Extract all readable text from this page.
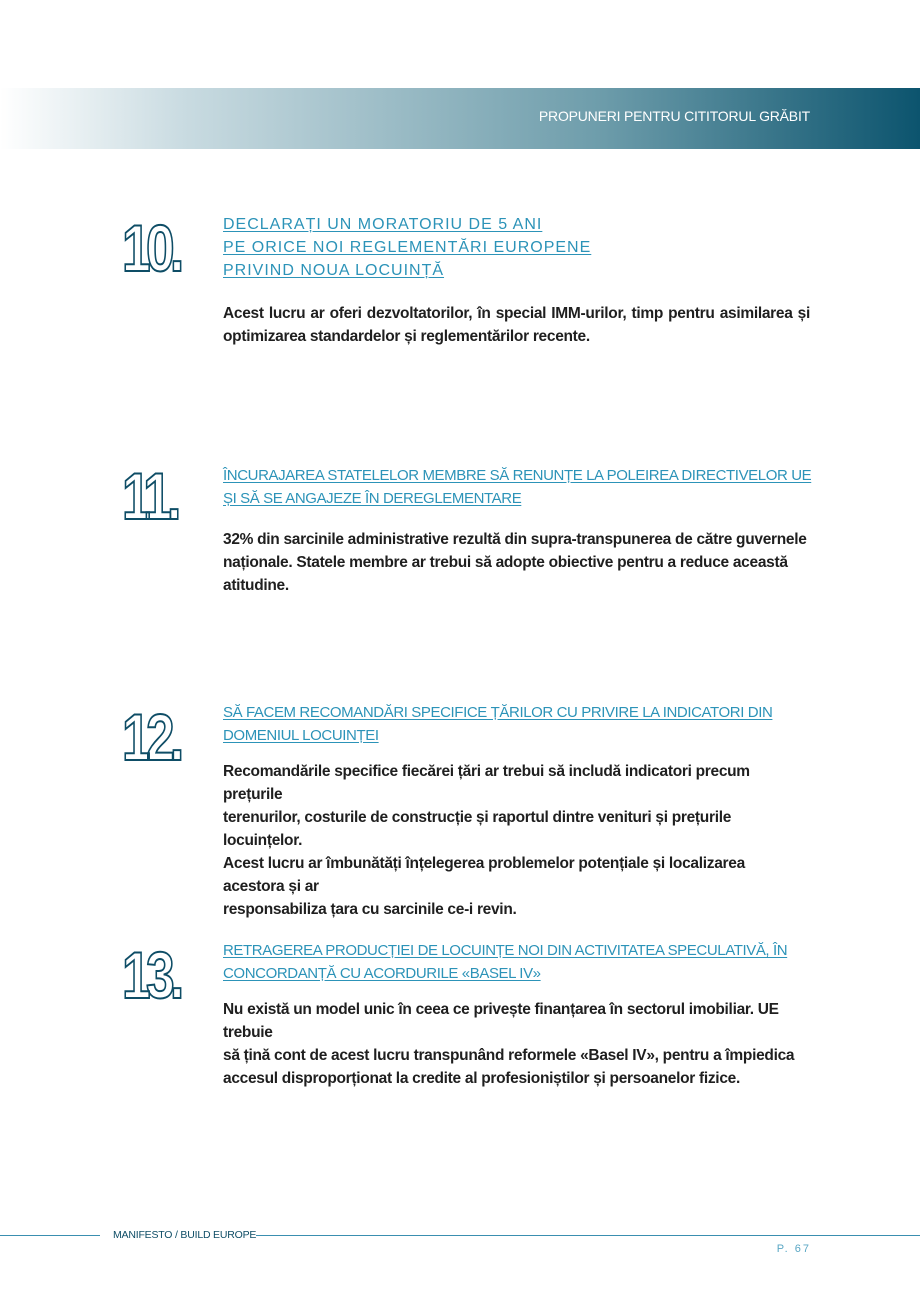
PROPUNERI PENTRU CITITORUL GRĂBIT
10.	DECLARAȚI UN MORATORIU DE 5 ANI
PE ORICE NOI REGLEMENTĂRI EUROPENE
PRIVIND NOUA LOCUINȚĂ
Acest lucru ar oferi dezvoltatorilor, în special IMM-urilor, timp pentru asimilarea și optimizarea standardelor și reglementărilor recente.
11.	ÎNCURAJAREA STATELELOR MEMBRE SĂ RENUNȚE LA POLEIREA DIRECTIVELOR UE
ȘI SĂ SE ANGAJEZE ÎN DEREGLEMENTARE
32% din sarcinile administrative rezultă din supra-transpunerea de către guvernele
naționale. Statele membre ar trebui să adopte obiective pentru a reduce această
atitudine.
12.	SĂ FACEM RECOMANDĂRI SPECIFICE ȚĂRILOR CU PRIVIRE LA INDICATORI DIN
DOMENIUL LOCUINȚEI
Recomandările specifice fiecărei țări ar trebui să includă indicatori precum prețurile
terenurilor, costurile de construcție și raportul dintre venituri și prețurile locuințelor.
Acest lucru ar îmbunătăți înțelegerea problemelor potențiale și localizarea acestora și ar
responsabiliza țara cu sarcinile ce-i revin.
13.	RETRAGEREA PRODUCȚIEI DE LOCUINȚE NOI DIN ACTIVITATEA SPECULATIVĂ, ÎN
CONCORDANȚĂ CU ACORDURILE «BASEL IV»
Nu există un model unic în ceea ce privește finanțarea în sectorul imobiliar. UE trebuie
să țină cont de acest lucru transpunând reformele «Basel IV», pentru a împiedica
accesul disproporționat la credite al profesioniștilor și persoanelor fizice.
MANIFESTO / BUILD EUROPE
P. 67
